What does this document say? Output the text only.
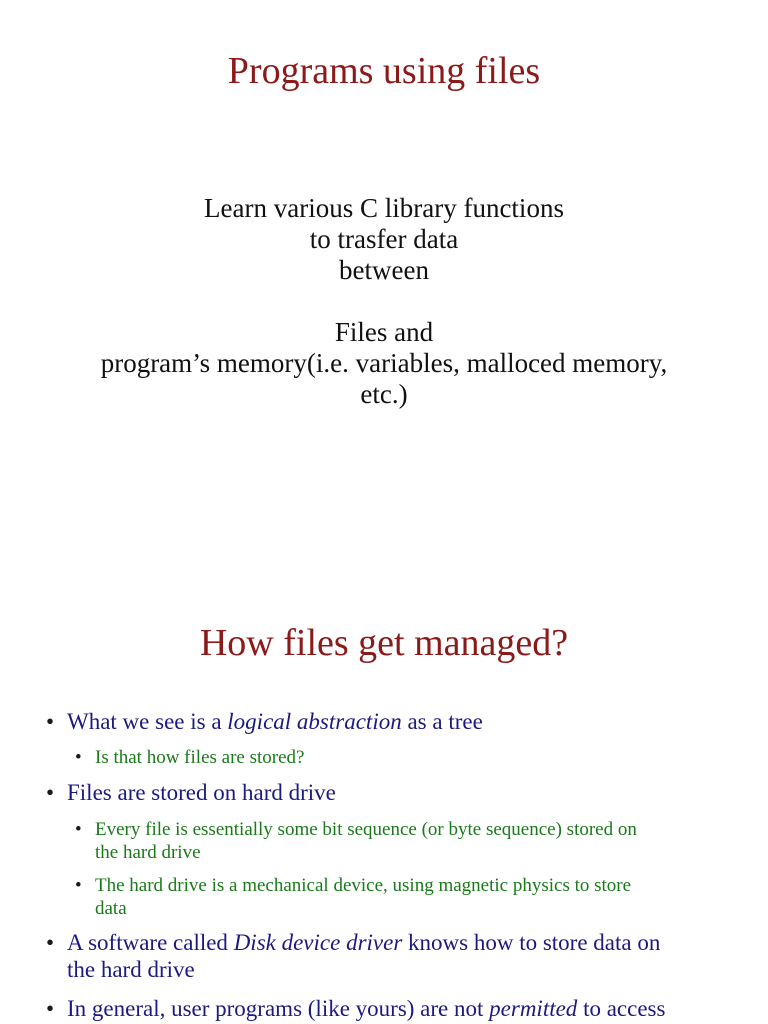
Programs using files
Learn various C library functions
to trasfer data
between
Files and
program’s memory(i.e. variables, malloced memory,
etc.)
How files get managed?
• What we see is a logical abstraction as a tree
• Is that how files are stored?
• Files are stored on hard drive
• Every file is essentially some bit sequence (or byte sequence) stored on
the hard drive
• The hard drive is a mechanical device, using magnetic physics to store
data
• A software called Disk device driver knows how to store data on
the hard drive
• In general, user programs (like yours) are not permitted to access
